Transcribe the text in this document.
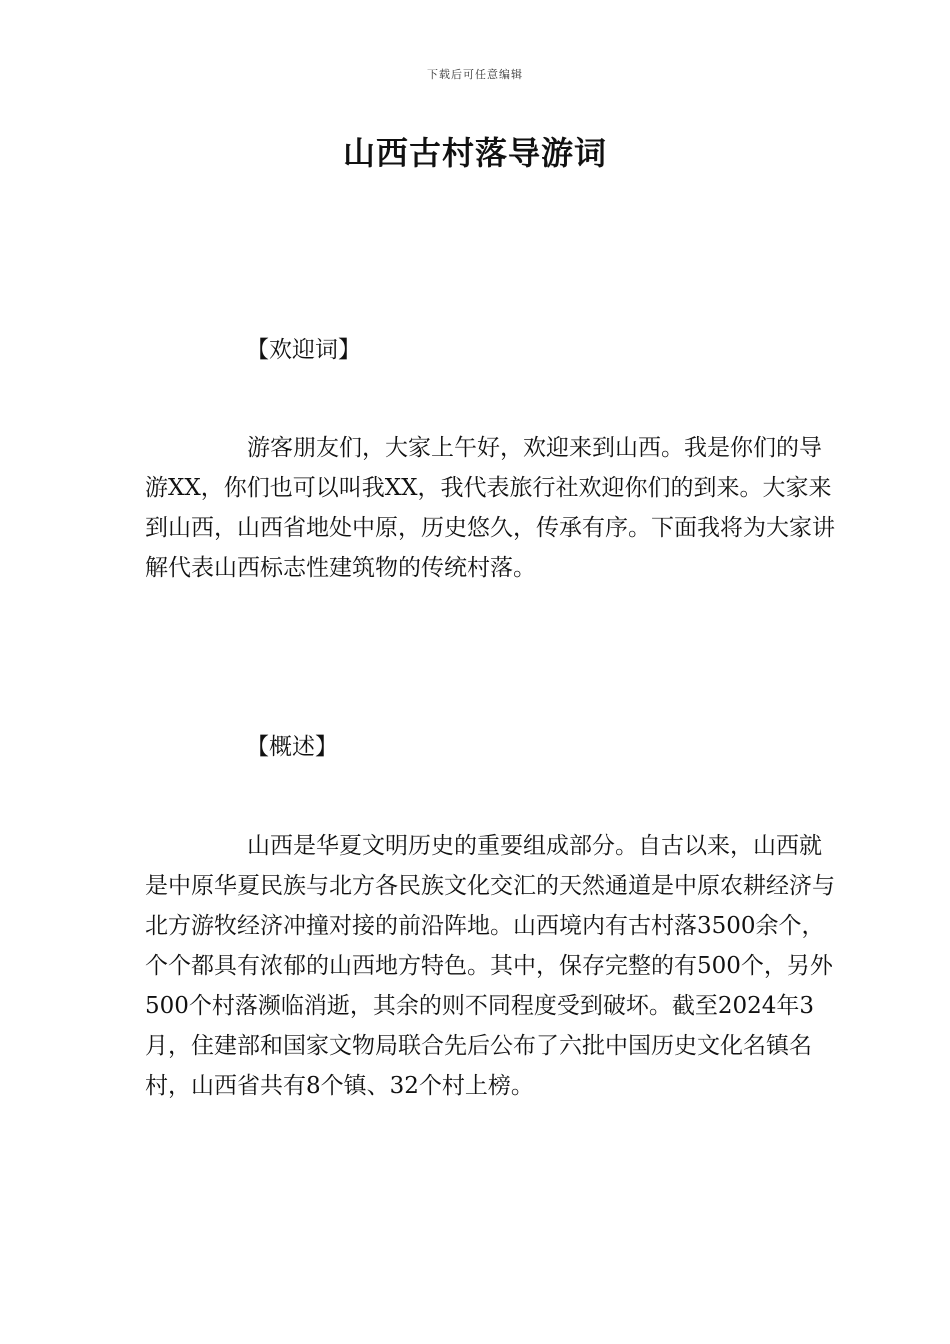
下载后可任意编辑
山西古村落导游词
【欢迎词】

游客朋友们，大家上午好，欢迎来到山西。我是你们的导游XX，你们也可以叫我XX，我代表旅行社欢迎你们的到来。大家来到山西，山西省地处中原，历史悠久，传承有序。下面我将为大家讲解代表山西标志性建筑物的传统村落。

【概述】

山西是华夏文明历史的重要组成部分。自古以来，山西就是中原华夏民族与北方各民族文化交汇的天然通道是中原农耕经济与北方游牧经济冲撞对接的前沿阵地。山西境内有古村落3500余个，个个都具有浓郁的山西地方特色。其中，保存完整的有500个，另外500个村落濒临消逝，其余的则不同程度受到破坏。截至2024年3月，住建部和国家文物局联合先后公布了六批中国历史文化名镇名村，山西省共有8个镇、32个村上榜。
